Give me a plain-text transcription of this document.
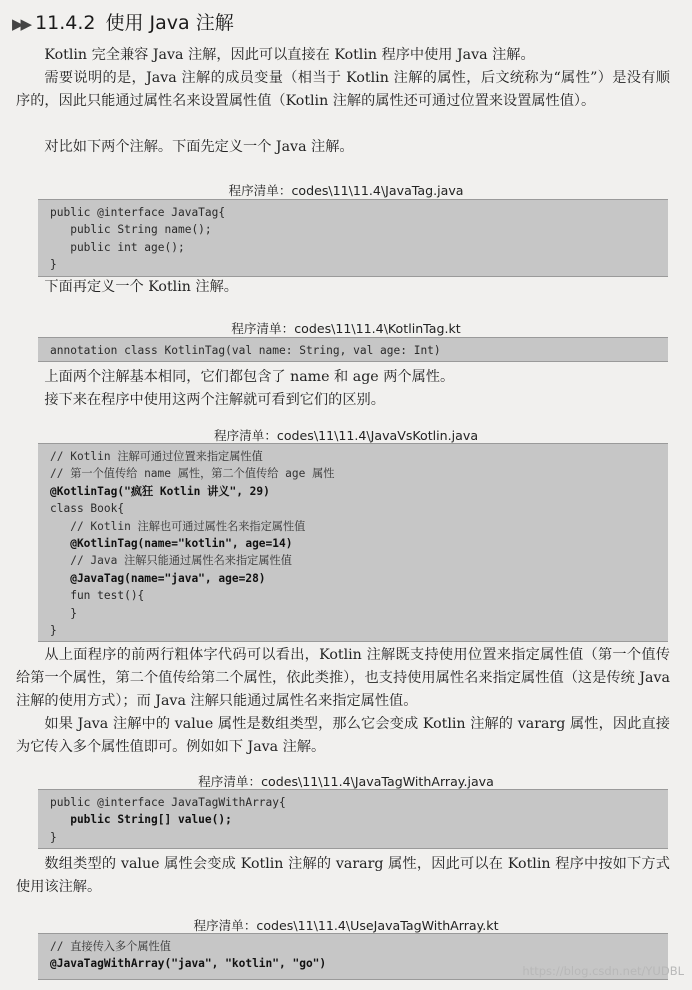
▶▶ 11.4.2 使用 Java 注解
Kotlin 完全兼容 Java 注解，因此可以直接在 Kotlin 程序中使用 Java 注解。
需要说明的是，Java 注解的成员变量（相当于 Kotlin 注解的属性，后文统称为“属性”）是没有顺序的，因此只能通过属性名来设置属性值（Kotlin 注解的属性还可通过位置来设置属性值）。
对比如下两个注解。下面先定义一个 Java 注解。
程序清单：codes\11\11.4\JavaTag.java
public @interface JavaTag{
public String name();
public int age();
}
下面再定义一个 Kotlin 注解。
程序清单：codes\11\11.4\KotlinTag.kt
annotation class KotlinTag(val name: String, val age: Int)
上面两个注解基本相同，它们都包含了 name 和 age 两个属性。
接下来在程序中使用这两个注解就可看到它们的区别。
程序清单：codes\11\11.4\JavaVsKotlin.java
// Kotlin 注解可通过位置来指定属性值
// 第一个值传给 name 属性，第二个值传给 age 属性
@KotlinTag("疯狂 Kotlin 讲义", 29)
class Book{
// Kotlin 注解也可通过属性名来指定属性值
@KotlinTag(name="kotlin", age=14)
// Java 注解只能通过属性名来指定属性值
@JavaTag(name="java", age=28)
fun test(){
}
}
从上面程序的前两行粗体字代码可以看出，Kotlin 注解既支持使用位置来指定属性值（第一个值传给第一个属性，第二个值传给第二个属性，依此类推），也支持使用属性名来指定属性值（这是传统 Java 注解的使用方式）；而 Java 注解只能通过属性名来指定属性值。
如果 Java 注解中的 value 属性是数组类型，那么它会变成 Kotlin 注解的 vararg 属性，因此直接为它传入多个属性值即可。例如如下 Java 注解。
程序清单：codes\11\11.4\JavaTagWithArray.java
public @interface JavaTagWithArray{
public String[] value();
}
数组类型的 value 属性会变成 Kotlin 注解的 vararg 属性，因此可以在 Kotlin 程序中按如下方式使用该注解。
程序清单：codes\11\11.4\UseJavaTagWithArray.kt
// 直接传入多个属性值
@JavaTagWithArray("java", "kotlin", "go")
https://blog.csdn.net/YUDBL
